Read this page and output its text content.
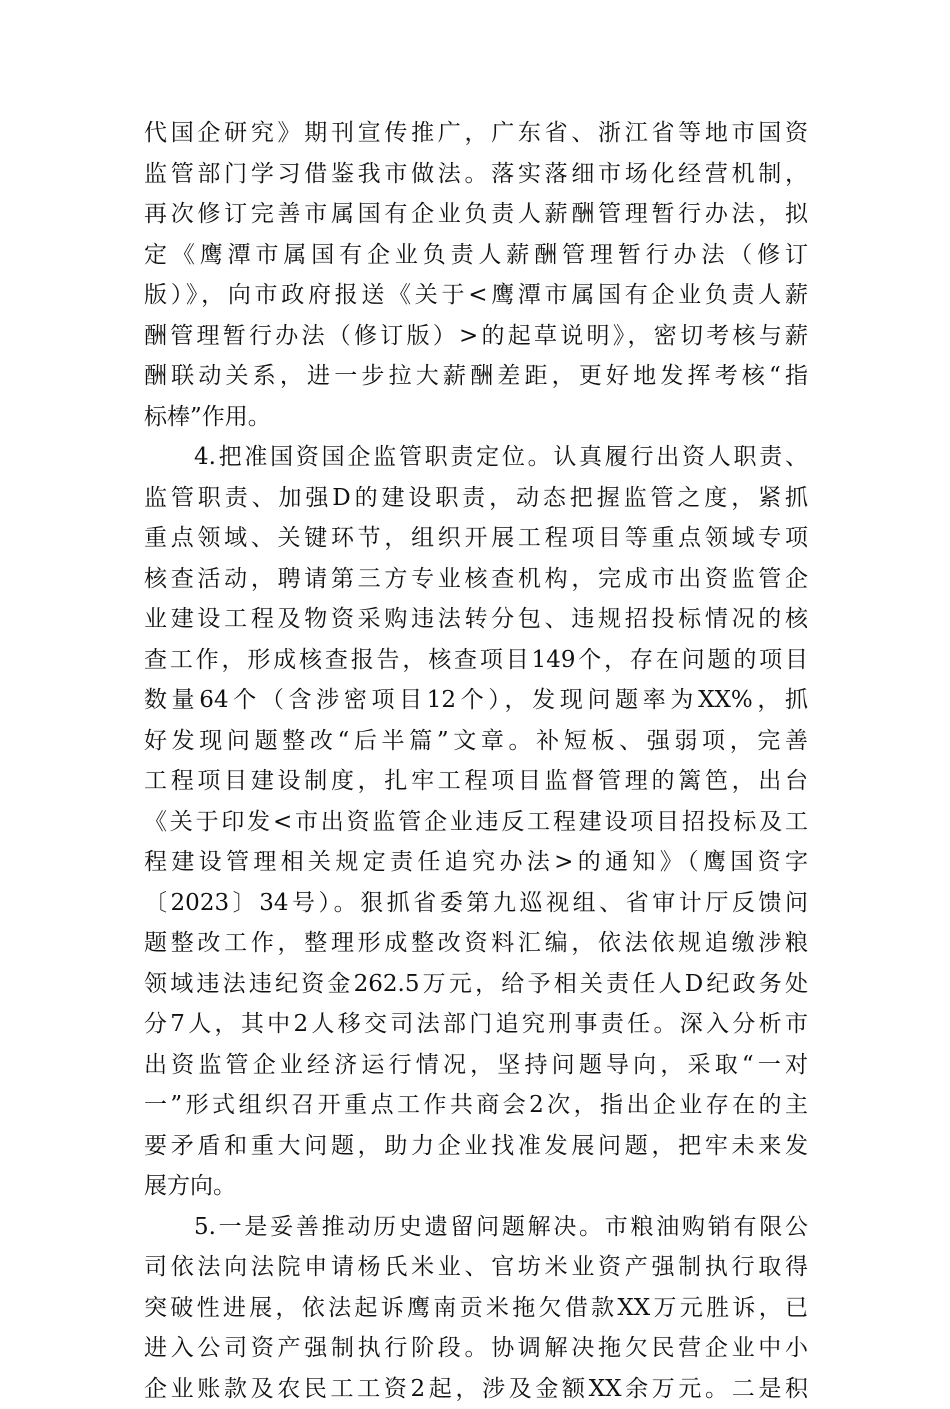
代国企研究》期刊宣传推广，广东省、浙江省等地市国资
监管部门学习借鉴我市做法。落实落细市场化经营机制，
再次修订完善市属国有企业负责人薪酬管理暂行办法，拟
定《鹰潭市属国有企业负责人薪酬管理暂行办法（修订
版）》，向市政府报送《关于<鹰潭市属国有企业负责人薪
酬管理暂行办法（修订版）>的起草说明》，密切考核与薪
酬联动关系，进一步拉大薪酬差距，更好地发挥考核“指
标棒”作用。
4.把准国资国企监管职责定位。认真履行出资人职责、
监管职责、加强D的建设职责，动态把握监管之度，紧抓
重点领域、关键环节，组织开展工程项目等重点领域专项
核查活动，聘请第三方专业核查机构，完成市出资监管企
业建设工程及物资采购违法转分包、违规招投标情况的核
查工作，形成核查报告，核查项目149个，存在问题的项目
数量64个（含涉密项目12个），发现问题率为XX%，抓
好发现问题整改“后半篇”文章。补短板、强弱项，完善
工程项目建设制度，扎牢工程项目监督管理的篱笆，出台
《关于印发<市出资监管企业违反工程建设项目招投标及工
程建设管理相关规定责任追究办法>的通知》（鹰国资字
〔2023〕34号）。狠抓省委第九巡视组、省审计厅反馈问
题整改工作，整理形成整改资料汇编，依法依规追缴涉粮
领域违法违纪资金262.5万元，给予相关责任人D纪政务处
分7人，其中2人移交司法部门追究刑事责任。深入分析市
出资监管企业经济运行情况，坚持问题导向，采取“一对
一”形式组织召开重点工作共商会2次，指出企业存在的主
要矛盾和重大问题，助力企业找准发展问题，把牢未来发
展方向。
5.一是妥善推动历史遗留问题解决。市粮油购销有限公
司依法向法院申请杨氏米业、官坊米业资产强制执行取得
突破性进展，依法起诉鹰南贡米拖欠借款XX万元胜诉，已
进入公司资产强制执行阶段。协调解决拖欠民营企业中小
企业账款及农民工工资2起，涉及金额XX余万元。二是积
